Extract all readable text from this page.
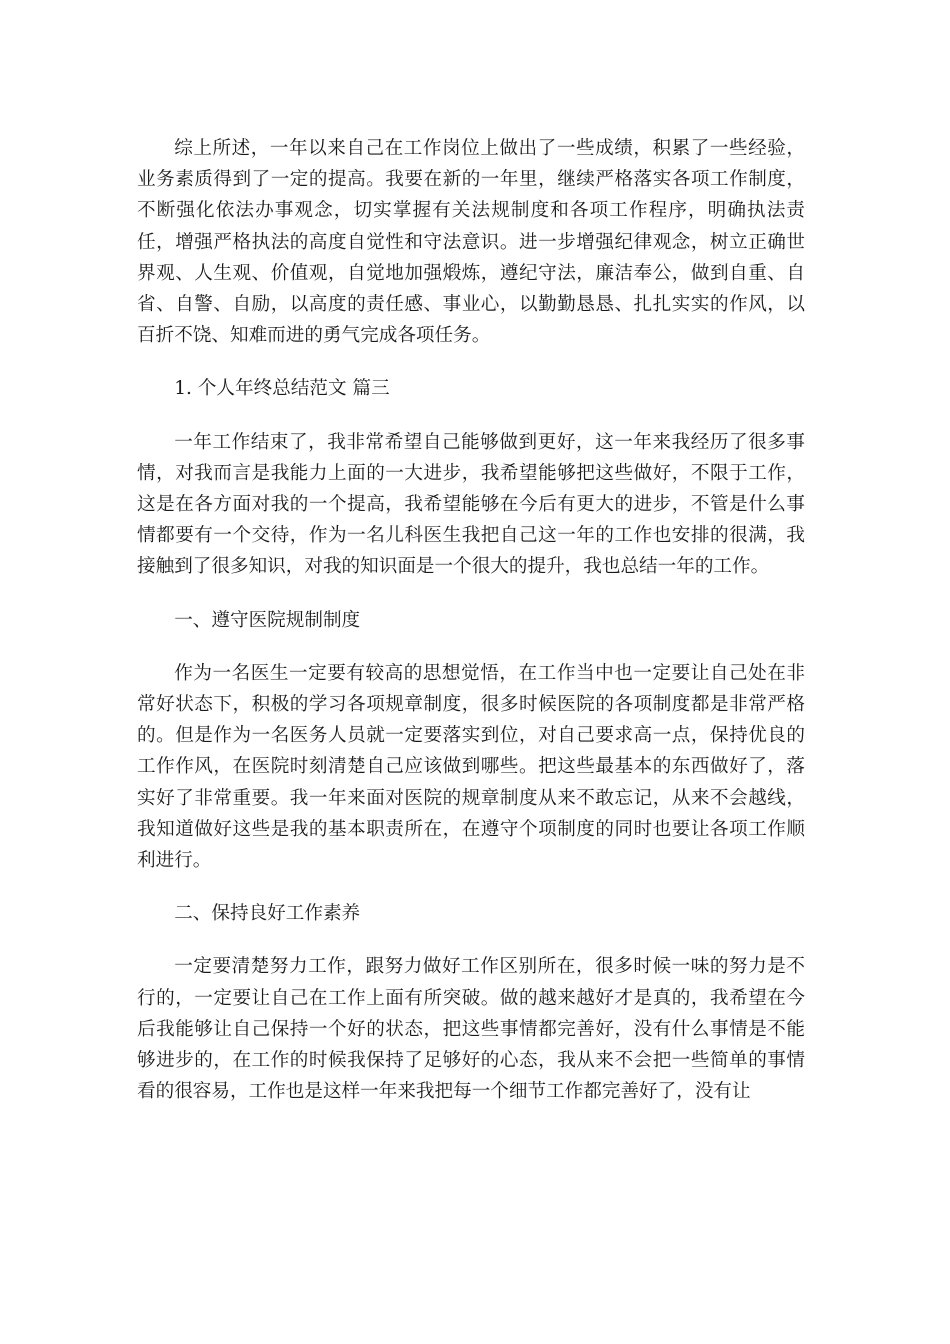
综上所述，一年以来自己在工作岗位上做出了一些成绩，积累了一些经验，业务素质得到了一定的提高。我要在新的一年里，继续严格落实各项工作制度，不断强化依法办事观念，切实掌握有关法规制度和各项工作程序，明确执法责任，增强严格执法的高度自觉性和守法意识。进一步增强纪律观念，树立正确世界观、人生观、价值观，自觉地加强煅炼，遵纪守法，廉洁奉公，做到自重、自省、自警、自励，以高度的责任感、事业心，以勤勤恳恳、扎扎实实的作风，以百折不饶、知难而进的勇气完成各项任务。

1. 个人年终总结范文 篇三

一年工作结束了，我非常希望自己能够做到更好，这一年来我经历了很多事情，对我而言是我能力上面的一大进步，我希望能够把这些做好，不限于工作，这是在各方面对我的一个提高，我希望能够在今后有更大的进步，不管是什么事情都要有一个交待，作为一名儿科医生我把自己这一年的工作也安排的很满，我接触到了很多知识，对我的知识面是一个很大的提升，我也总结一年的工作。

一、遵守医院规制制度

作为一名医生一定要有较高的思想觉悟，在工作当中也一定要让自己处在非常好状态下，积极的学习各项规章制度，很多时候医院的各项制度都是非常严格的。但是作为一名医务人员就一定要落实到位，对自己要求高一点，保持优良的工作作风，在医院时刻清楚自己应该做到哪些。把这些最基本的东西做好了，落实好了非常重要。我一年来面对医院的规章制度从来不敢忘记，从来不会越线，我知道做好这些是我的基本职责所在，在遵守个项制度的同时也要让各项工作顺利进行。

二、保持良好工作素养

一定要清楚努力工作，跟努力做好工作区别所在，很多时候一味的努力是不行的，一定要让自己在工作上面有所突破。做的越来越好才是真的，我希望在今后我能够让自己保持一个好的状态，把这些事情都完善好，没有什么事情是不能够进步的，在工作的时候我保持了足够好的心态，我从来不会把一些简单的事情看的很容易，工作也是这样一年来我把每一个细节工作都完善好了，没有让
